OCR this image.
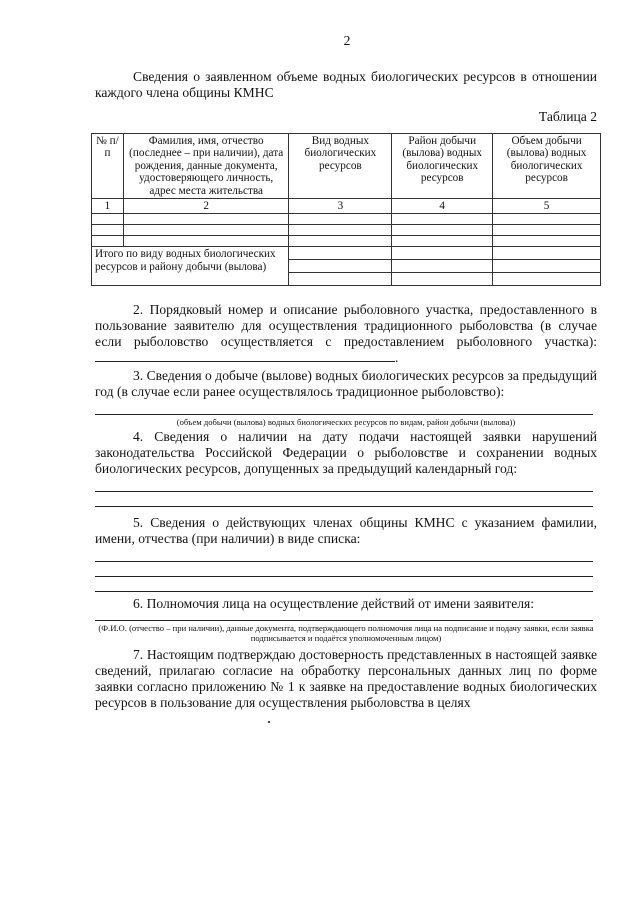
2
Сведения о заявленном объеме водных биологических ресурсов в отношении каждого члена общины КМНС
Таблица 2
№ п/п	Фамилия, имя, отчество (последнее – при наличии), дата рождения, данные документа, удостоверяющего личность, адрес места жительства	Вид водных биологических ресурсов	Район добычи (вылова) водных биологических ресурсов	Объем добычи (вылова) водных биологических ресурсов
1	2	3	4	5

Итого по виду водных биологических ресурсов и району добычи (вылова)				

2. Порядковый номер и описание рыболовного участка, предоставленного в пользование заявителю для осуществления традиционного рыболовства (в случае если рыболовство осуществляется с предоставлением рыболовного участка): .
3. Сведения о добыче (вылове) водных биологических ресурсов за предыдущий год (в случае если ранее осуществлялось традиционное рыболовство):
(объем добычи (вылова) водных биологических ресурсов по видам, район добычи (вылова))
4. Сведения о наличии на дату подачи настоящей заявки нарушений законодательства Российской Федерации о рыболовстве и сохранении водных биологических ресурсов, допущенных за предыдущий календарный год:
5. Сведения о действующих членах общины КМНС с указанием фамилии, имени, отчества (при наличии) в виде списка:
6. Полномочия лица на осуществление действий от имени заявителя:
(Ф.И.О. (отчество – при наличии), данные документа, подтверждающего полномочия лица на подписание и подачу заявки, если заявка подписывается и подаётся уполномоченным лицом)
7. Настоящим подтверждаю достоверность представленных в настоящей заявке сведений, прилагаю согласие на обработку персональных данных лиц по форме заявки согласно приложению № 1 к заявке на предоставление водных биологических ресурсов в пользование для осуществления рыболовства в целях
